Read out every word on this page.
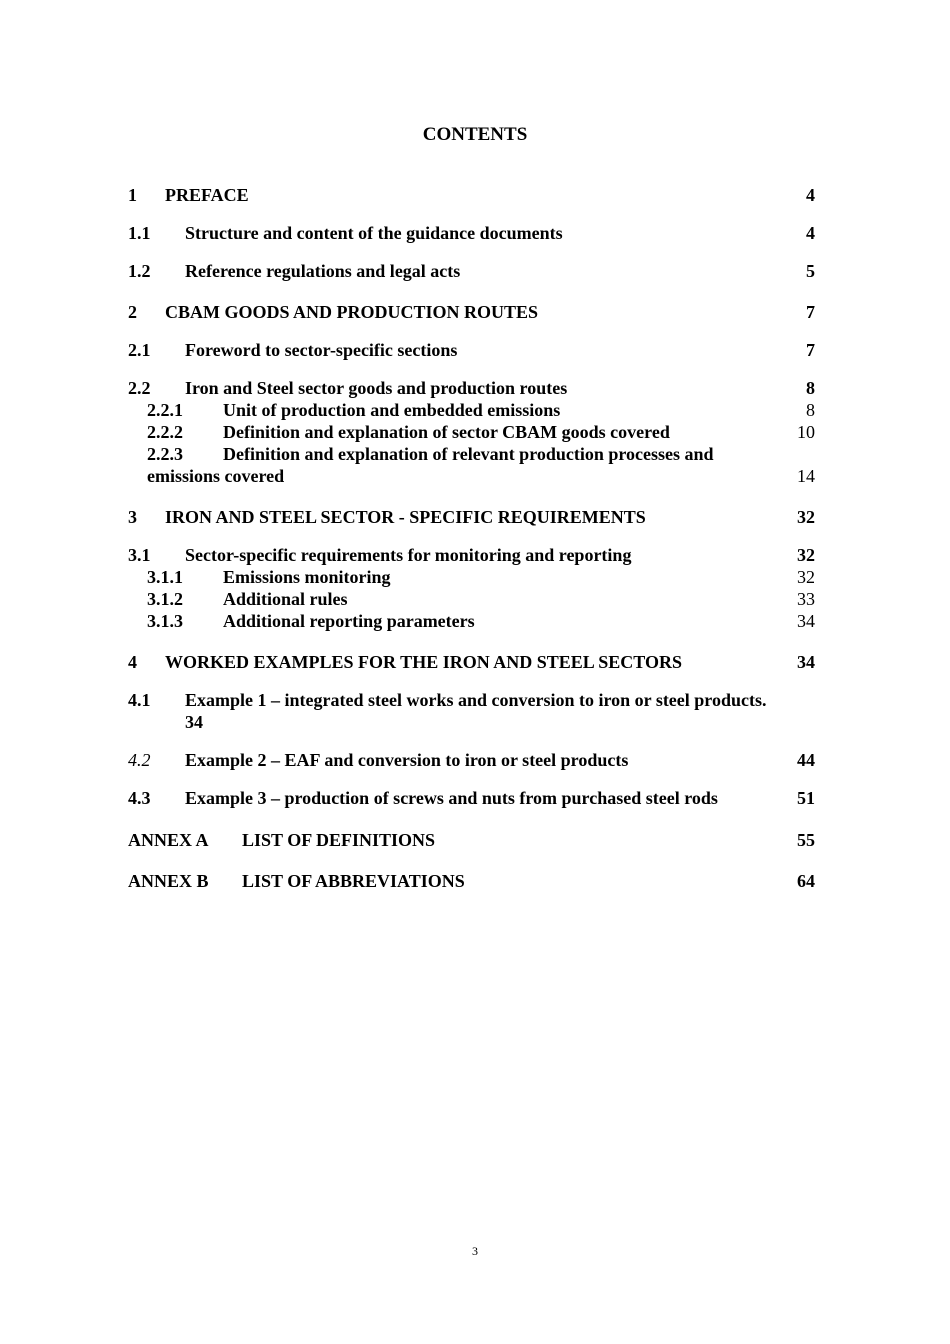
CONTENTS
1 PREFACE	4
1.1 Structure and content of the guidance documents	4
1.2 Reference regulations and legal acts	5
2 CBAM GOODS AND PRODUCTION ROUTES	7
2.1 Foreword to sector-specific sections	7
2.2 Iron and Steel sector goods and production routes	8
2.2.1 Unit of production and embedded emissions	8
2.2.2 Definition and explanation of sector CBAM goods covered	10
2.2.3 Definition and explanation of relevant production processes and
emissions covered	14
3 IRON AND STEEL SECTOR - SPECIFIC REQUIREMENTS	32
3.1 Sector-specific requirements for monitoring and reporting	32
3.1.1 Emissions monitoring	32
3.1.2 Additional rules	33
3.1.3 Additional reporting parameters	34
4 WORKED EXAMPLES FOR THE IRON AND STEEL SECTORS	34
4.1 Example 1 – integrated steel works and conversion to iron or steel products.
34
4.2 Example 2 – EAF and conversion to iron or steel products	44
4.3 Example 3 – production of screws and nuts from purchased steel rods	51
ANNEX A LIST OF DEFINITIONS	55
ANNEX B LIST OF ABBREVIATIONS	64
3
